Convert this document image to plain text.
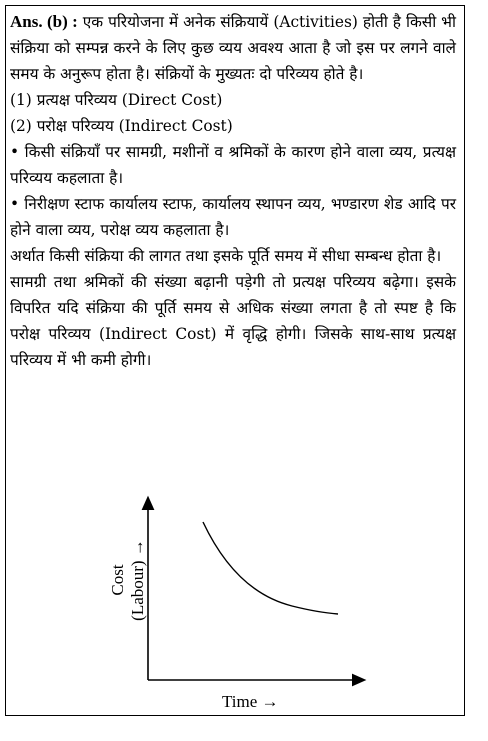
Ans. (b) : एक परियोजना में अनेक संक्रियायें (Activities) होती है किसी भी संक्रिया को सम्पन्न करने के लिए कुछ व्यय अवश्य आता है जो इस पर लगने वाले समय के अनुरूप होता है। संक्रियों के मुख्यतः दो परिव्यय होते है।

(1) प्रत्यक्ष परिव्यय (Direct Cost)

(2) परोक्ष परिव्यय (Indirect Cost)

• किसी संक्रियाँ पर सामग्री, मशीनों व श्रमिकों के कारण होने वाला व्यय, प्रत्यक्ष परिव्यय कहलाता है।

• निरीक्षण स्टाफ कार्यालय स्टाफ, कार्यालय स्थापन व्यय, भण्डारण शेड आदि पर होने वाला व्यय, परोक्ष व्यय कहलाता है।

अर्थात किसी संक्रिया की लागत तथा इसके पूर्ति समय में सीधा सम्बन्ध होता है।

सामग्री तथा श्रमिकों की संख्या बढ़ानी पड़ेगी तो प्रत्यक्ष परिव्यय बढ़ेगा। इसके विपरित यदि संक्रिया की पूर्ति समय से अधिक संख्या लगता है तो स्पष्ट है कि परोक्ष परिव्यय (Indirect Cost) में वृद्धि होगी। जिसके साथ-साथ प्रत्यक्ष परिव्यय में भी कमी होगी।

Cost
(Labour) →
Time →
